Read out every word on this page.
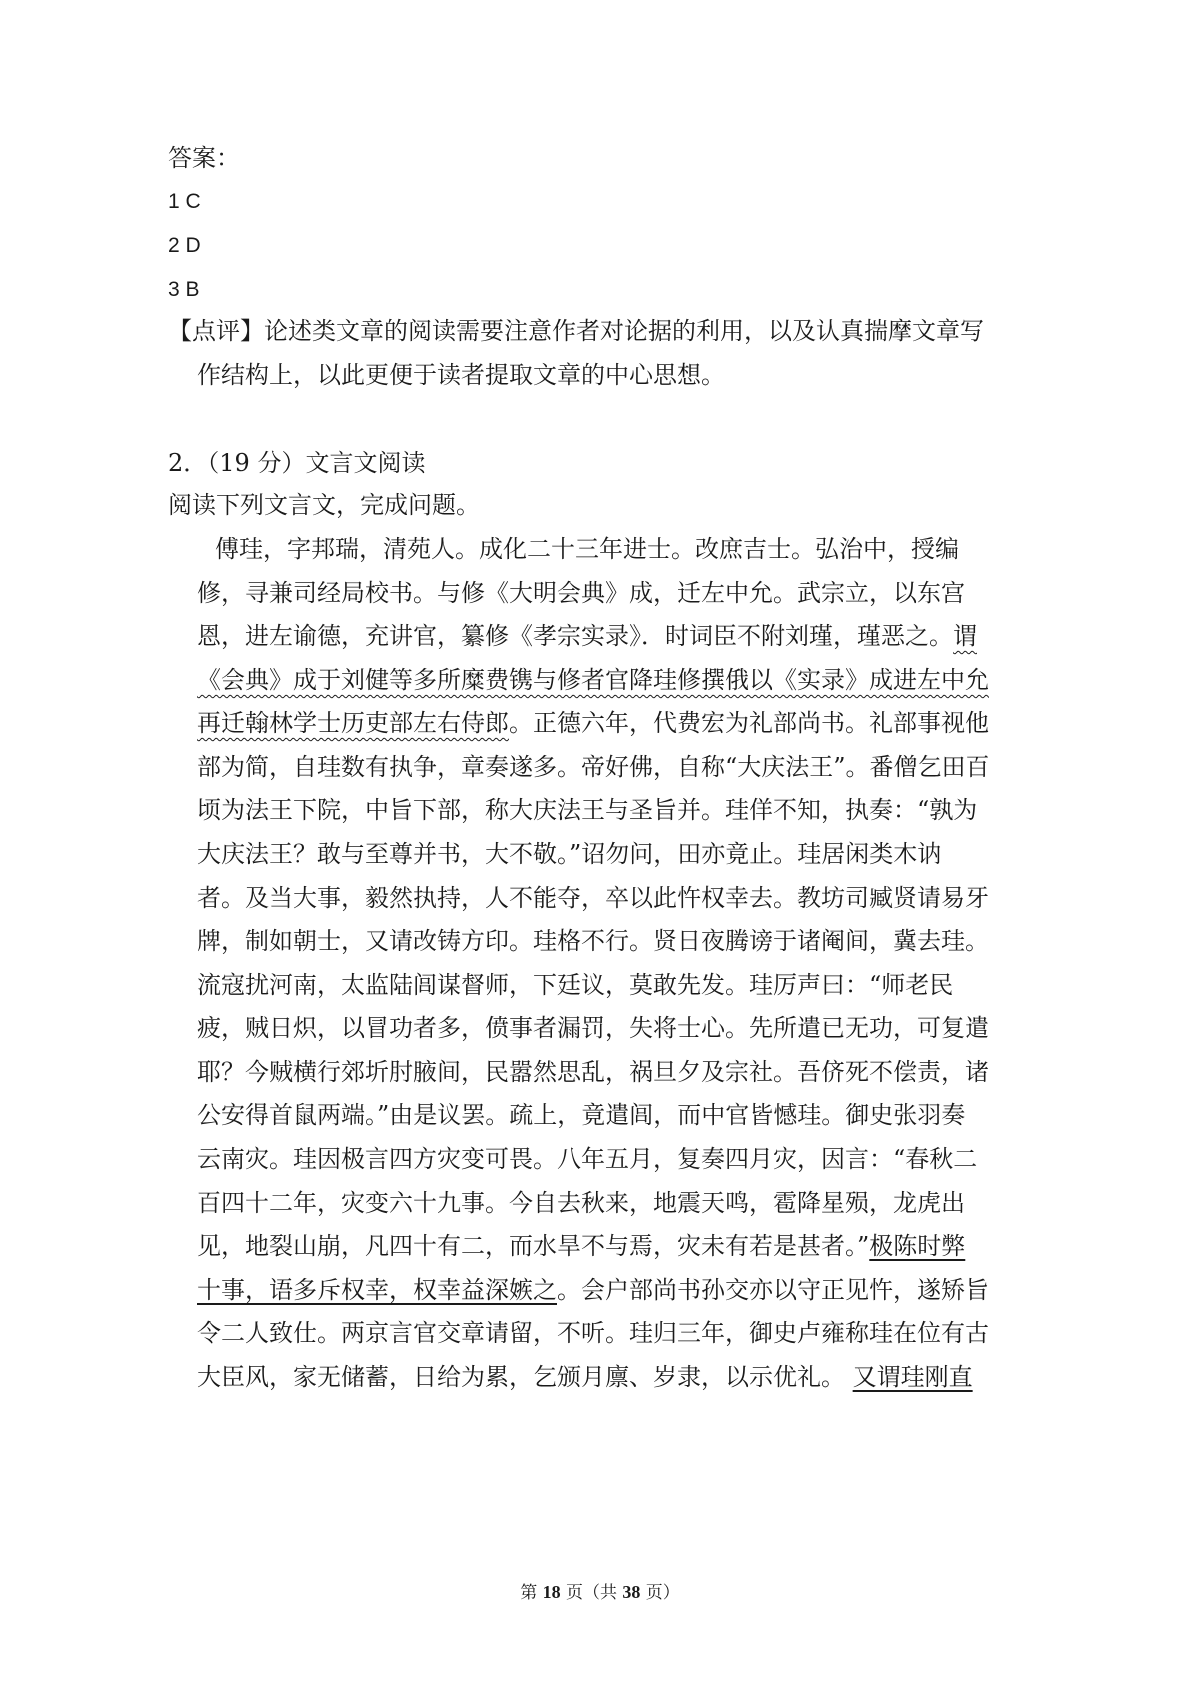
答案：
1 C
2 D
3 B
【点评】论述类文章的阅读需要注意作者对论据的利用，以及认真揣摩文章写
作结构上，以此更便于读者提取文章的中心思想。
2．（19 分）文言文阅读
阅读下列文言文，完成问题。
傅珪，字邦瑞，清苑人。成化二十三年进士。改庶吉士。弘治中，授编
修，寻兼司经局校书。与修《大明会典》成，迁左中允。武宗立，以东宫
恩，进左谕德，充讲官，纂修《孝宗实录》．时词臣不附刘瑾，瑾恶之。谓
《会典》成于刘健等多所糜费镌与修者官降珪修撰俄以《实录》成进左中允
再迁翰林学士历吏部左右侍郎。正德六年，代费宏为礼部尚书。礼部事视他
部为简，自珪数有执争，章奏遂多。帝好佛，自称“大庆法王”。番僧乞田百
顷为法王下院，中旨下部，称大庆法王与圣旨并。珪佯不知，执奏：“孰为
大庆法王？敢与至尊并书，大不敬。”诏勿问，田亦竟止。珪居闲类木讷
者。及当大事，毅然执持，人不能夺，卒以此忤权幸去。教坊司臧贤请易牙
牌，制如朝士，又请改铸方印。珪格不行。贤日夜腾谤于诸阉间，冀去珪。
流寇扰河南，太监陆闾谋督师，下廷议，莫敢先发。珪厉声曰：“师老民
疲，贼日炽，以冒功者多，偾事者漏罚，失将士心。先所遣已无功，可复遣
耶？今贼横行郊圻肘腋间，民嚣然思乱，祸旦夕及宗社。吾侪死不偿责，诸
公安得首鼠两端。”由是议罢。疏上，竟遣闾，而中官皆憾珪。御史张羽奏
云南灾。珪因极言四方灾变可畏。八年五月，复奏四月灾，因言：“春秋二
百四十二年，灾变六十九事。今自去秋来，地震天鸣，雹降星殒，龙虎出
见，地裂山崩，凡四十有二，而水旱不与焉，灾未有若是甚者。”极陈时弊
十事，语多斥权幸，权幸益深嫉之。会户部尚书孙交亦以守正见忤，遂矫旨
令二人致仕。两京言官交章请留，不听。珪归三年，御史卢雍称珪在位有古
大臣风，家无储蓄，日给为累，乞颁月廪、岁隶，以示优礼。 又谓珪刚直
第 18 页（共 38 页）
